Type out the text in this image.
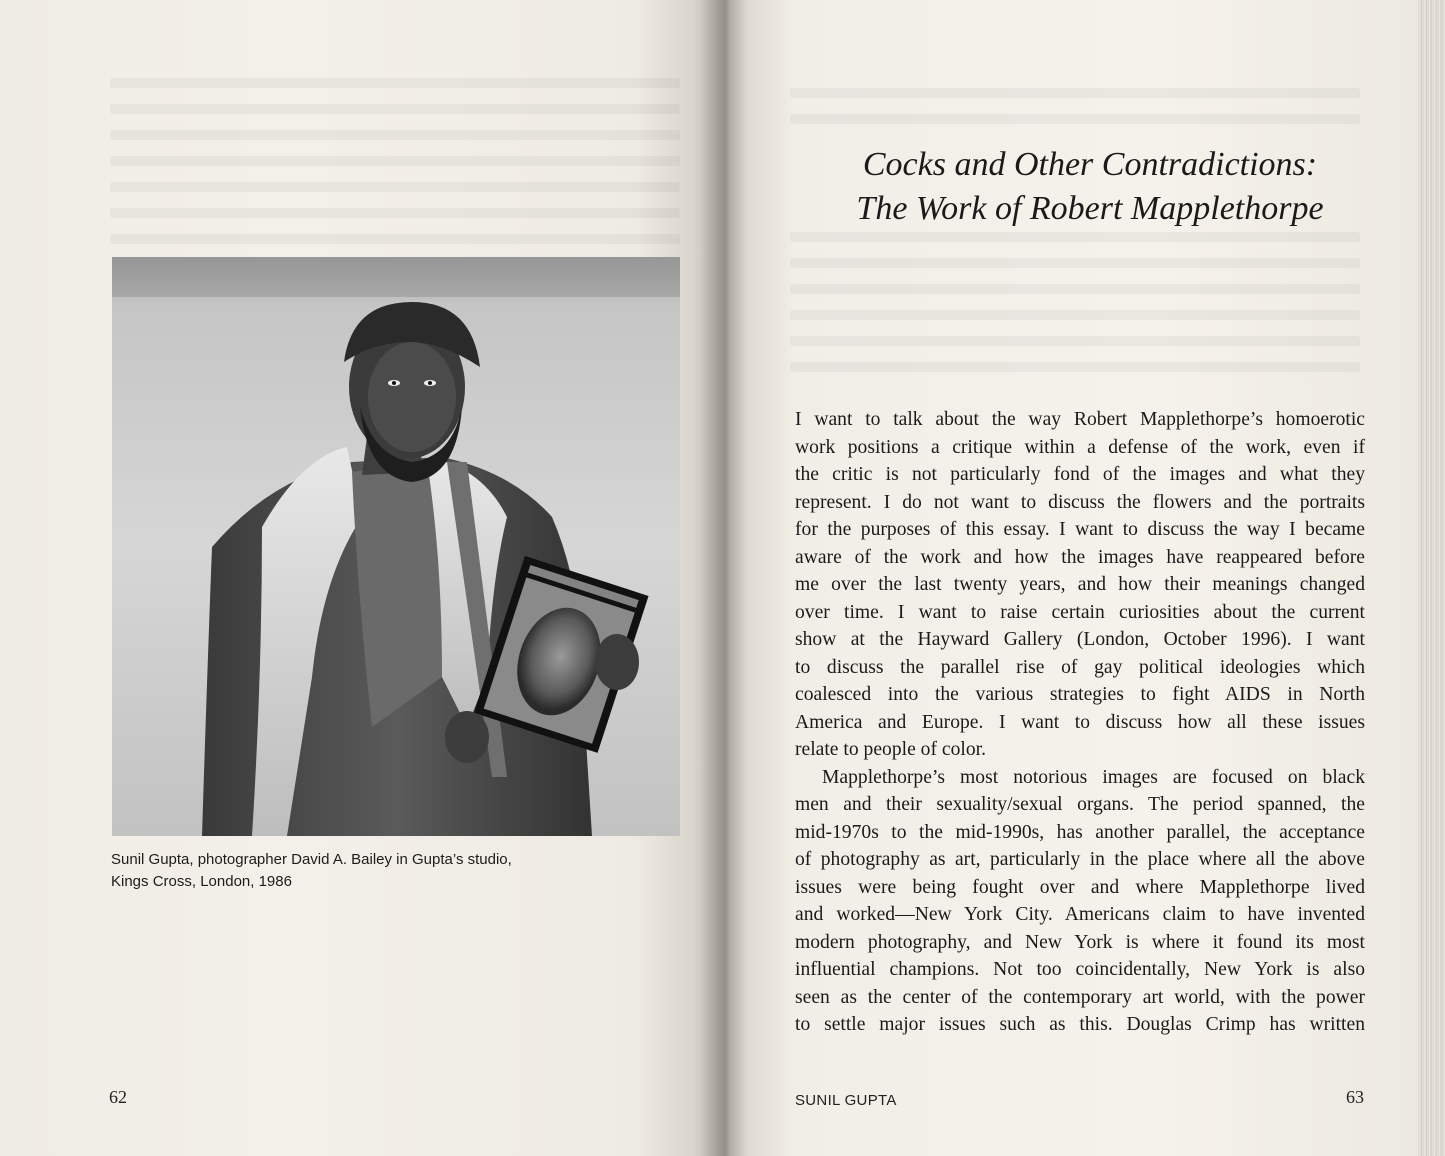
Sunil Gupta, photographer David A. Bailey in Gupta’s studio,
Kings Cross, London, 1986
62
Cocks and Other Contradictions:
The Work of Robert Mapplethorpe
I want to talk about the way Robert Mapplethorpe’s homoerotic
work positions a critique within a defense of the work, even if
the critic is not particularly fond of the images and what they
represent. I do not want to discuss the flowers and the portraits
for the purposes of this essay. I want to discuss the way I became
aware of the work and how the images have reappeared before
me over the last twenty years, and how their meanings changed
over time. I want to raise certain curiosities about the current
show at the Hayward Gallery (London, October 1996). I want
to discuss the parallel rise of gay political ideologies which
coalesced into the various strategies to fight AIDS in North
America and Europe. I want to discuss how all these issues
relate to people of color.
Mapplethorpe’s most notorious images are focused on black
men and their sexuality/sexual organs. The period spanned, the
mid-1970s to the mid-1990s, has another parallel, the acceptance
of photography as art, particularly in the place where all the above
issues were being fought over and where Mapplethorpe lived
and worked—New York City. Americans claim to have invented
modern photography, and New York is where it found its most
influential champions. Not too coincidentally, New York is also
seen as the center of the contemporary art world, with the power
to settle major issues such as this. Douglas Crimp has written
SUNIL GUPTA	63
